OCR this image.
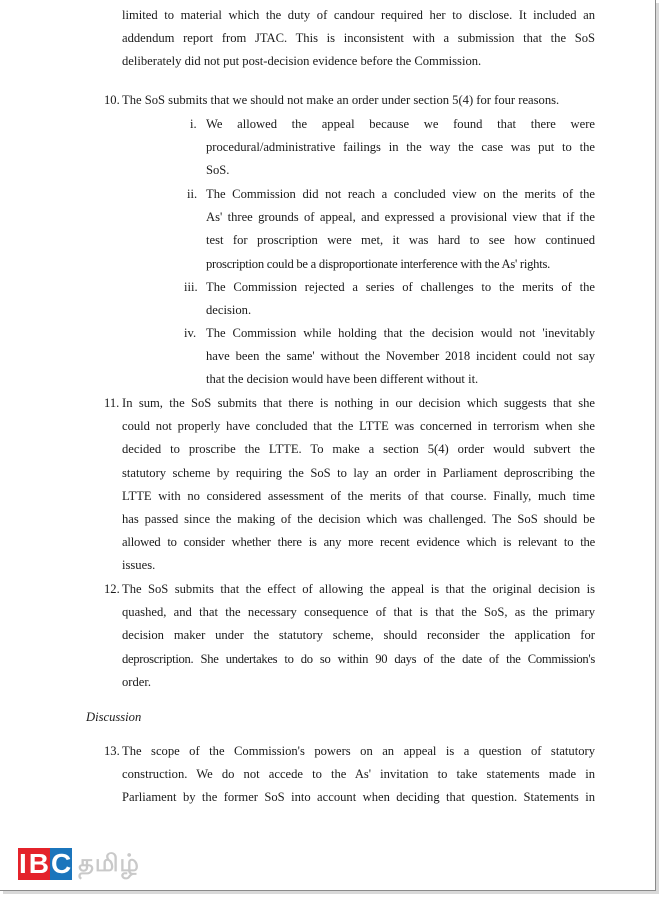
limited to material which the duty of candour required her to disclose. It included an
addendum report from JTAC. This is inconsistent with a submission that the SoS
deliberately did not put post-decision evidence before the Commission.
10. The SoS submits that we should not make an order under section 5(4) for four reasons.
i. We allowed the appeal because we found that there were
procedural/administrative failings in the way the case was put to the
SoS.
ii. The Commission did not reach a concluded view on the merits of the
As' three grounds of appeal, and expressed a provisional view that if the
test for proscription were met, it was hard to see how continued
proscription could be a disproportionate interference with the As' rights.
iii. The Commission rejected a series of challenges to the merits of the
decision.
iv. The Commission while holding that the decision would not 'inevitably
have been the same' without the November 2018 incident could not say
that the decision would have been different without it.
11. In sum, the SoS submits that there is nothing in our decision which suggests that she
could not properly have concluded that the LTTE was concerned in terrorism when she
decided to proscribe the LTTE. To make a section 5(4) order would subvert the
statutory scheme by requiring the SoS to lay an order in Parliament deproscribing the
LTTE with no considered assessment of the merits of that course. Finally, much time
has passed since the making of the decision which was challenged. The SoS should be
allowed to consider whether there is any more recent evidence which is relevant to the
issues.
12. The SoS submits that the effect of allowing the appeal is that the original decision is
quashed, and that the necessary consequence of that is that the SoS, as the primary
decision maker under the statutory scheme, should reconsider the application for
deproscription. She undertakes to do so within 90 days of the date of the Commission's
order.
Discussion
13. The scope of the Commission's powers on an appeal is a question of statutory
construction. We do not accede to the As' invitation to take statements made in
Parliament by the former SoS into account when deciding that question. Statements in
I B C தமிழ்
